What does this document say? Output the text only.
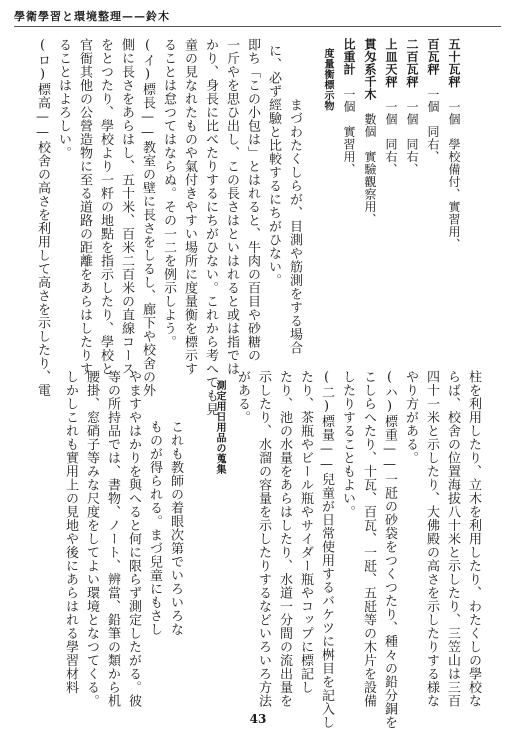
學衛學習と環境整理——鈴木
五十瓦秤　一個　學校備付、實習用、
百瓦秤　一個　同右、
二百瓦秤　一個　同右、
上皿天秤　一個　同右、
貫匁系千木　數個　實驗觀察用、
比重計　一個　實習用、
度量衡標示物
まづわたくしらが、目測や筋測をする場合
に、必ず經驗と比較するにちがひない。
即ち「この小包は」とはれると、牛肉の百目や砂糖の
一斤やを思ひ出し、この長さはといはれると或は指では
かり、身長に比べたりするにちがひない。これから考へても見
童の見なれたものや氣付きやすい場所に度量衡を標示す
ることは怠つてはならぬ。その一二を例示しよう。
(イ)標長——教室の壁に長さをしるし、廊下や校舍の外
側に長さをあらはし、五十米、百米二百米の直線コース
をとつたり、學校より一粁の地點を指示したり、學校と
官衙其他の公營造物に至る道路の距離をあらはしたりす
ることはよろしい。
(ロ)標高——校舍の高さを利用して高さを示したり、電
柱を利用したり、立木を利用したり、わたくしの學校な
らば、校舍の位置海拔八十米と示したり、三笠山は三百
四十一米と示したり、大佛殿の高さを示したりする様な
やり方がある。
(ハ)標重——一瓩の砂袋をつくつたり、種々の鉛分銅を
こしらへたり、十瓦、百瓦、一瓩、五瓩等の木片を設備
したりすることもよい。
(二)標量——兒童が日常使用するバケツに桝目を記入し
たり、茶瓶やビール瓶やサイダー瓶やコップに標記し
たり、池の水量をあらはしたり、水道一分間の流出量を
示したり、水溜の容量を示したりするなどいろいろ方法
がある。
測定用日用品の蒐集
これも教師の着眼次第でいろいろな
ものが得られる。まづ兒童にもさし
やますやはかりを與へると何に限らず測定したがる。彼
等の所持品では、書物、ノート、辨當、鉛筆の類から机
腰掛、窓硝子等みな尺度をしてよい環境となつてくる。
しかしこれも實用上の見地や後にあらはれる學習材料
43
